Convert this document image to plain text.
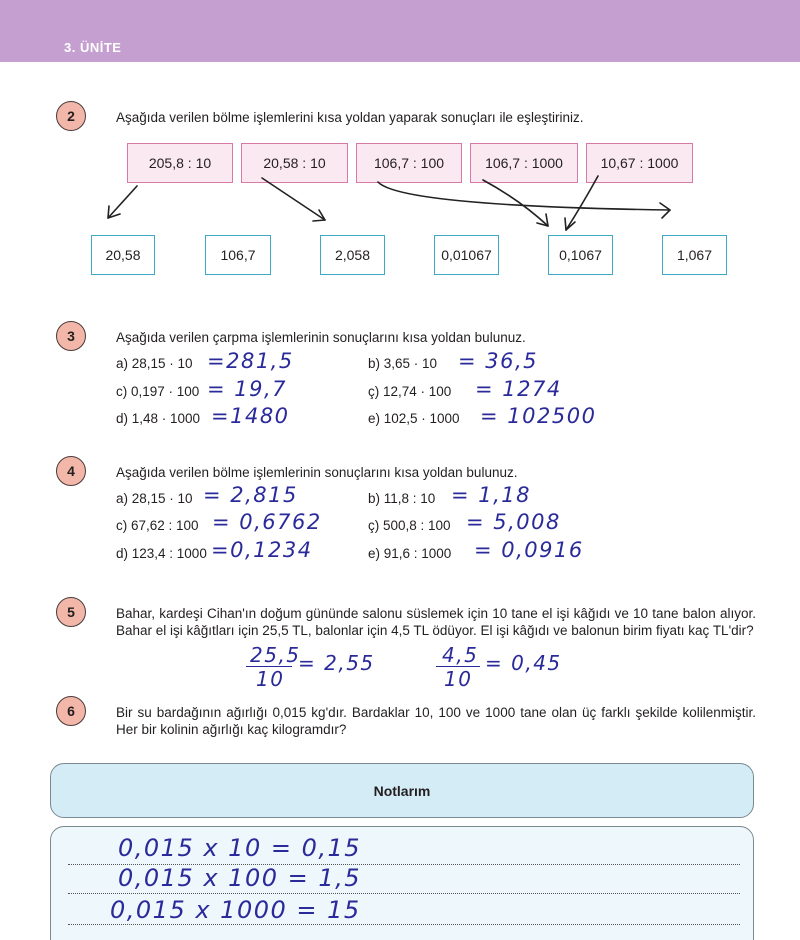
3. ÜNİTE
2	Aşağıda verilen bölme işlemlerini kısa yoldan yaparak sonuçları ile eşleştiriniz.
205,8 : 10	20,58 : 10	106,7 : 100	106,7 : 1000	10,67 : 1000
20,58	106,7	2,058	0,01067	0,1067	1,067
3	Aşağıda verilen çarpma işlemlerinin sonuçlarını kısa yoldan bulunuz.
a) 28,15 · 10 =281,5	b) 3,65 · 10 = 36,5
c) 0,197 · 100 = 19,7	ç) 12,74 · 100 = 1274
d) 1,48 · 1000 =1480	e) 102,5 · 1000 = 102500
4	Aşağıda verilen bölme işlemlerinin sonuçlarını kısa yoldan bulunuz.
a) 28,15 · 10 = 2,815	b) 11,8 : 10 = 1,18
c) 67,62 : 100 = 0,6762	ç) 500,8 : 100 = 5,008
d) 123,4 : 1000 =0,1234	e) 91,6 : 1000 = 0,0916
5	Bahar, kardeşi Cihan'ın doğum gününde salonu süslemek için 10 tane el işi kâğıdı ve 10 tane balon alıyor. Bahar el işi kâğıtları için 25,5 TL, balonlar için 4,5 TL ödüyor. El işi kâğıdı ve balonun birim fiyatı kaç TL'dir?
25,5
10
= 2,55	4,5
10
= 0,45
6	Bir su bardağının ağırlığı 0,015 kg'dır. Bardaklar 10, 100 ve 1000 tane olan üç farklı şekilde kolilenmiştir. Her bir kolinin ağırlığı kaç kilogramdır?
Notlarım
0,015 x 10 = 0,15
0,015 x 100 = 1,5
0,015 x 1000 = 15
